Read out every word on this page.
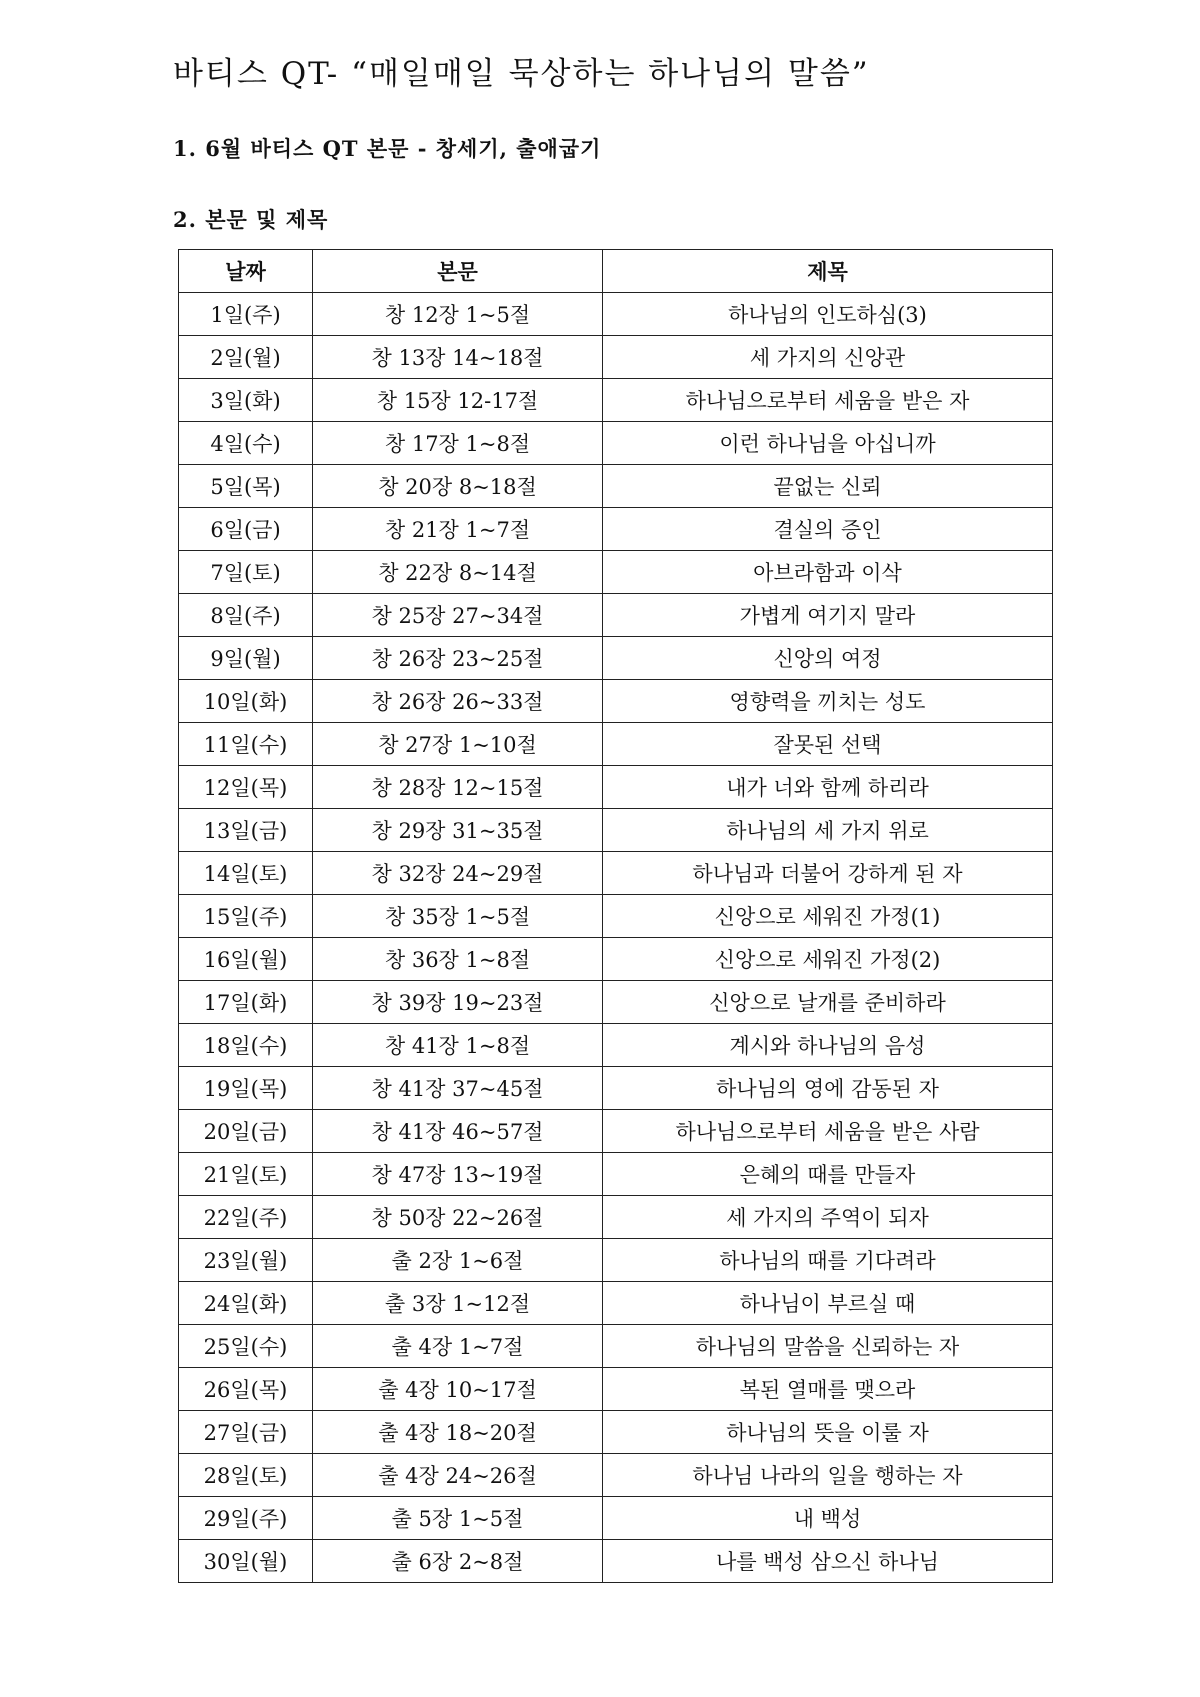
바티스 QT- “매일매일 묵상하는 하나님의 말씀”
1. 6월 바티스 QT 본문 - 창세기, 출애굽기
2. 본문 및 제목
날짜	본문	제목
1일(주)	창 12장 1~5절	하나님의 인도하심(3)
2일(월)	창 13장 14~18절	세 가지의 신앙관
3일(화)	창 15장 12-17절	하나님으로부터 세움을 받은 자
4일(수)	창 17장 1~8절	이런 하나님을 아십니까
5일(목)	창 20장 8~18절	끝없는 신뢰
6일(금)	창 21장 1~7절	결실의 증인
7일(토)	창 22장 8~14절	아브라함과 이삭
8일(주)	창 25장 27~34절	가볍게 여기지 말라
9일(월)	창 26장 23~25절	신앙의 여정
10일(화)	창 26장 26~33절	영향력을 끼치는 성도
11일(수)	창 27장 1~10절	잘못된 선택
12일(목)	창 28장 12~15절	내가 너와 함께 하리라
13일(금)	창 29장 31~35절	하나님의 세 가지 위로
14일(토)	창 32장 24~29절	하나님과 더불어 강하게 된 자
15일(주)	창 35장 1~5절	신앙으로 세워진 가정(1)
16일(월)	창 36장 1~8절	신앙으로 세워진 가정(2)
17일(화)	창 39장 19~23절	신앙으로 날개를 준비하라
18일(수)	창 41장 1~8절	계시와 하나님의 음성
19일(목)	창 41장 37~45절	하나님의 영에 감동된 자
20일(금)	창 41장 46~57절	하나님으로부터 세움을 받은 사람
21일(토)	창 47장 13~19절	은혜의 때를 만들자
22일(주)	창 50장 22~26절	세 가지의 주역이 되자
23일(월)	출 2장 1~6절	하나님의 때를 기다려라
24일(화)	출 3장 1~12절	하나님이 부르실 때
25일(수)	출 4장 1~7절	하나님의 말씀을 신뢰하는 자
26일(목)	출 4장 10~17절	복된 열매를 맺으라
27일(금)	출 4장 18~20절	하나님의 뜻을 이룰 자
28일(토)	출 4장 24~26절	하나님 나라의 일을 행하는 자
29일(주)	출 5장 1~5절	내 백성
30일(월)	출 6장 2~8절	나를 백성 삼으신 하나님
